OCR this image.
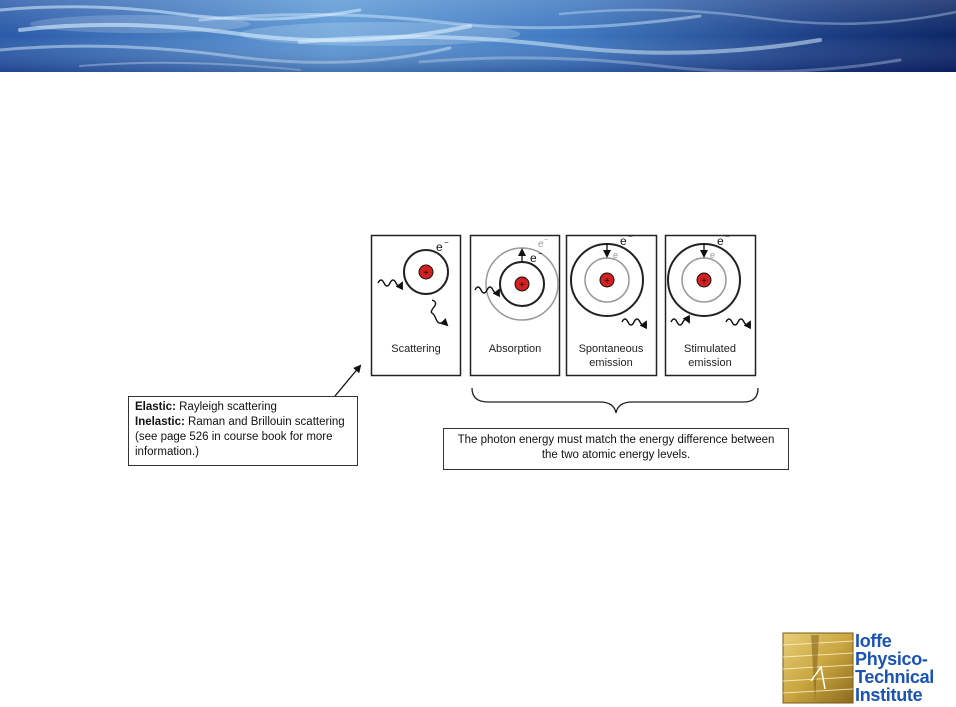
+
+	+	+
e −	e −
e −
e −
e
e −
e
Scattering	Absorption	Spontaneous emission
Stimulated emission
Elastic: Rayleigh scattering
Inelastic: Raman and Brillouin scattering (see page 526 in course book for more information.)
The photon energy must match the energy difference between the two atomic energy levels.
Ioffe
Physico-
Technical
Institute
